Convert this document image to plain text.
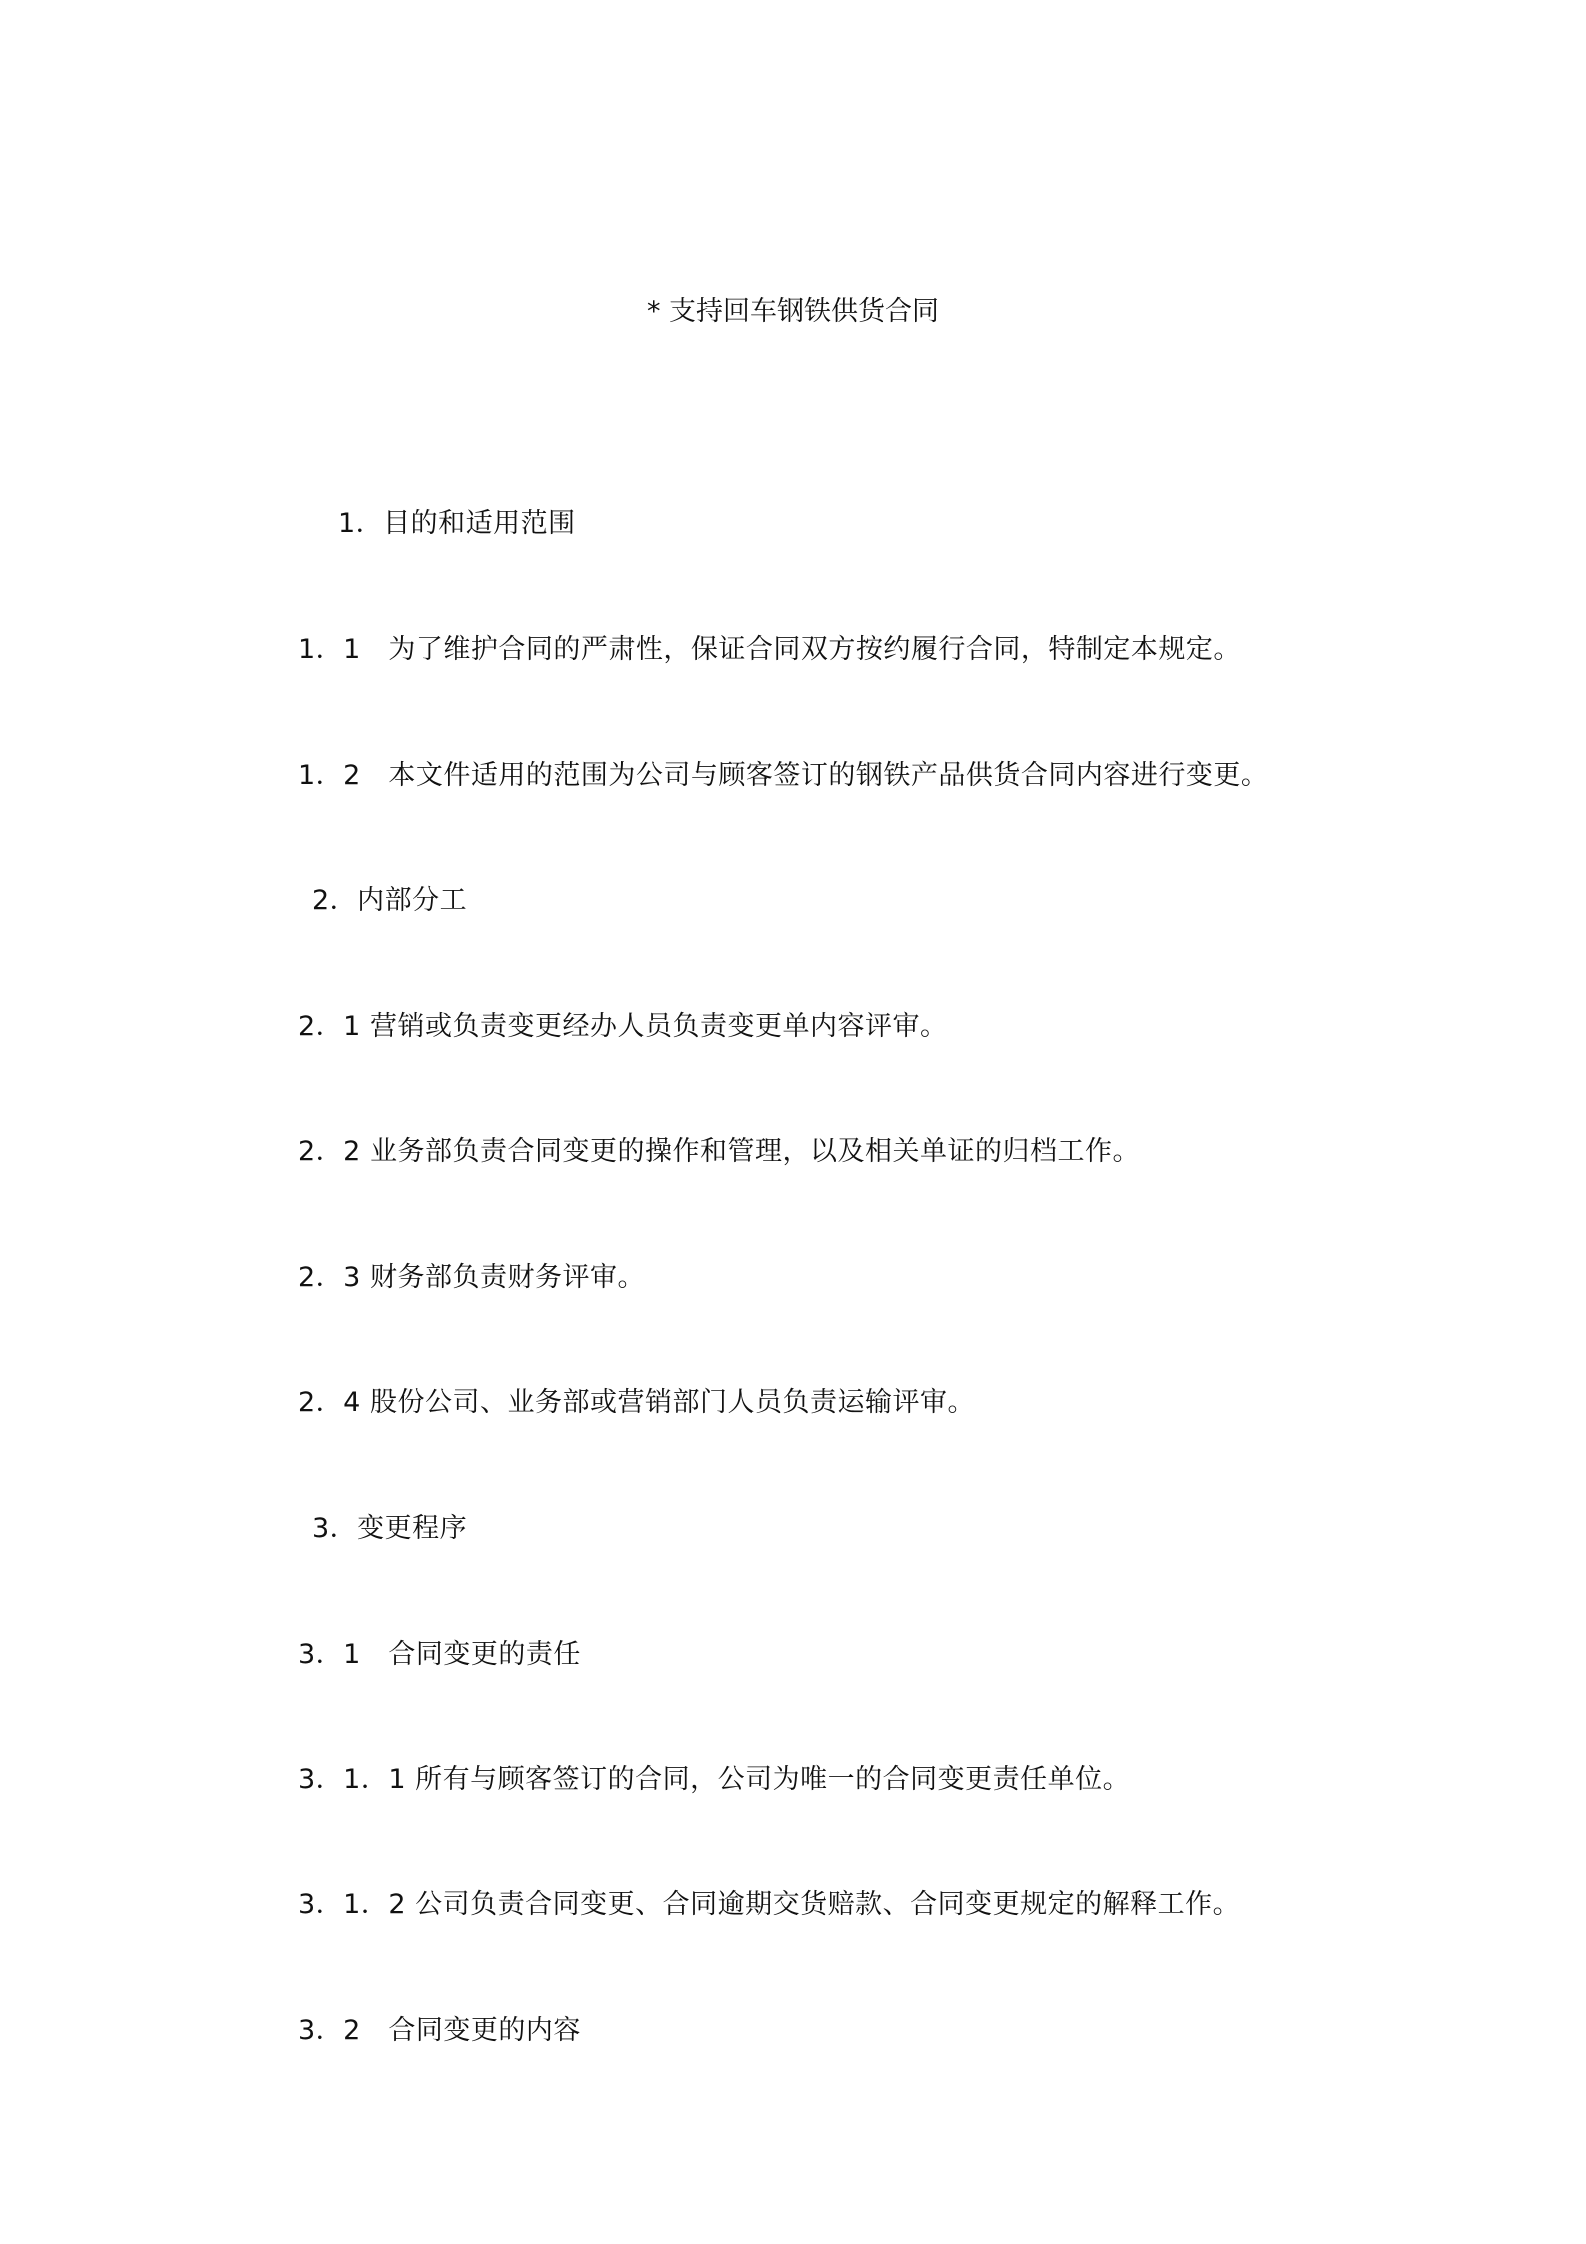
* 支持回车钢铁供货合同
1．目的和适用范围
1．1　为了维护合同的严肃性，保证合同双方按约履行合同，特制定本规定。
1．2　本文件适用的范围为公司与顾客签订的钢铁产品供货合同内容进行变更。
2．内部分工
2．1 营销或负责变更经办人员负责变更单内容评审。
2．2 业务部负责合同变更的操作和管理，以及相关单证的归档工作。
2．3 财务部负责财务评审。
2．4 股份公司、业务部或营销部门人员负责运输评审。
3．变更程序
3．1　合同变更的责任
3．1．1 所有与顾客签订的合同，公司为唯一的合同变更责任单位。
3．1．2 公司负责合同变更、合同逾期交货赔款、合同变更规定的解释工作。
3．2　合同变更的内容
